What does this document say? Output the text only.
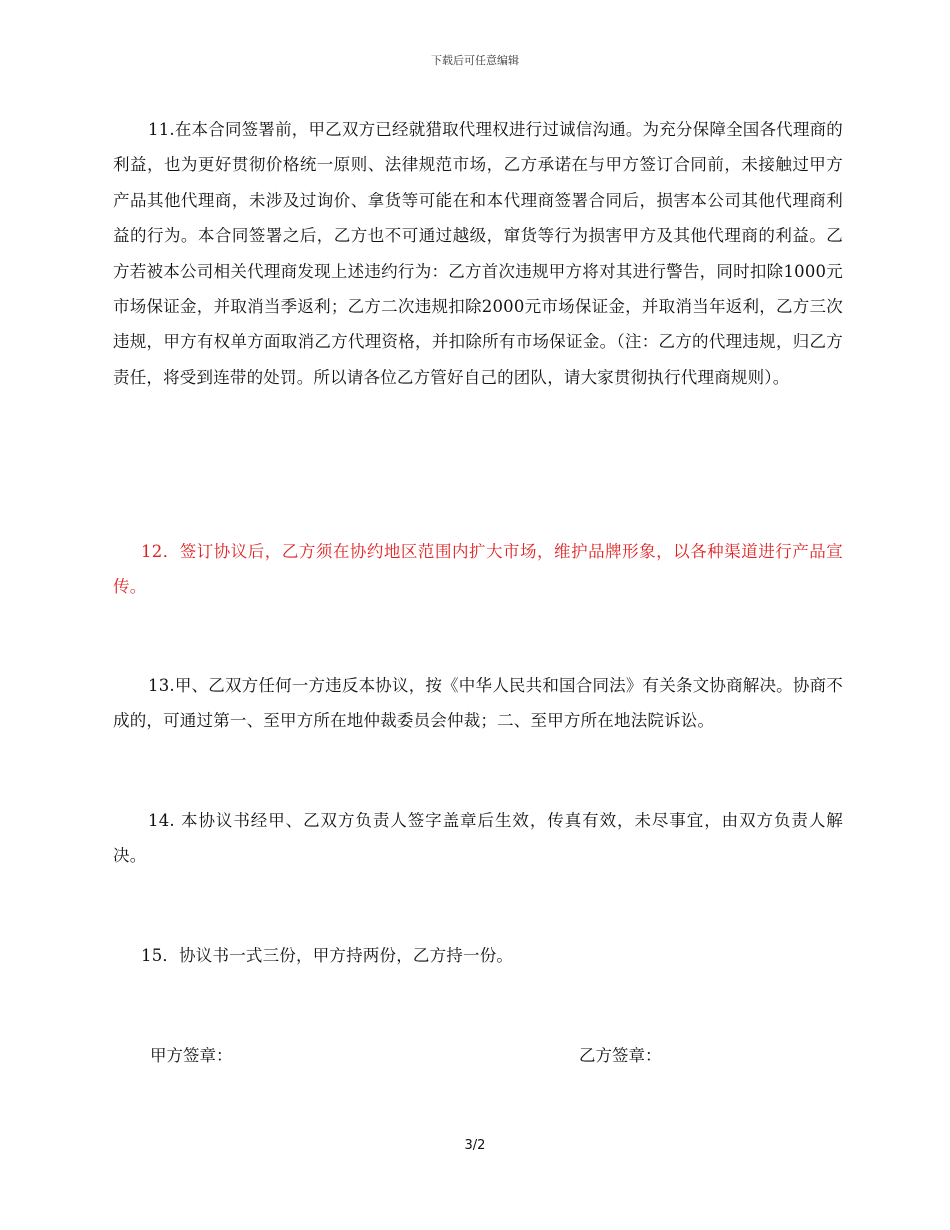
下载后可任意编辑

11.在本合同签署前，甲乙双方已经就猎取代理权进行过诚信沟通。为充分保障全国各代理商的利益，也为更好贯彻价格统一原则、法律规范市场，乙方承诺在与甲方签订合同前，未接触过甲方产品其他代理商，未涉及过询价、拿货等可能在和本代理商签署合同后，损害本公司其他代理商利益的行为。本合同签署之后，乙方也不可通过越级，窜货等行为损害甲方及其他代理商的利益。乙方若被本公司相关代理商发现上述违约行为：乙方首次违规甲方将对其进行警告，同时扣除1000元市场保证金，并取消当季返利；乙方二次违规扣除2000元市场保证金，并取消当年返利，乙方三次违规，甲方有权单方面取消乙方代理资格，并扣除所有市场保证金。（注：乙方的代理违规，归乙方责任，将受到连带的处罚。所以请各位乙方管好自己的团队，请大家贯彻执行代理商规则）。

12．签订协议后，乙方须在协约地区范围内扩大市场，维护品牌形象，以各种渠道进行产品宣传。

13.甲、乙双方任何一方违反本协议，按《中华人民共和国合同法》有关条文协商解决。协商不成的，可通过第一、至甲方所在地仲裁委员会仲裁；二、至甲方所在地法院诉讼。

14. 本协议书经甲、乙双方负责人签字盖章后生效，传真有效，未尽事宜，由双方负责人解决。

15．协议书一式三份，甲方持两份，乙方持一份。

甲方签章：	乙方签章：
3/2
